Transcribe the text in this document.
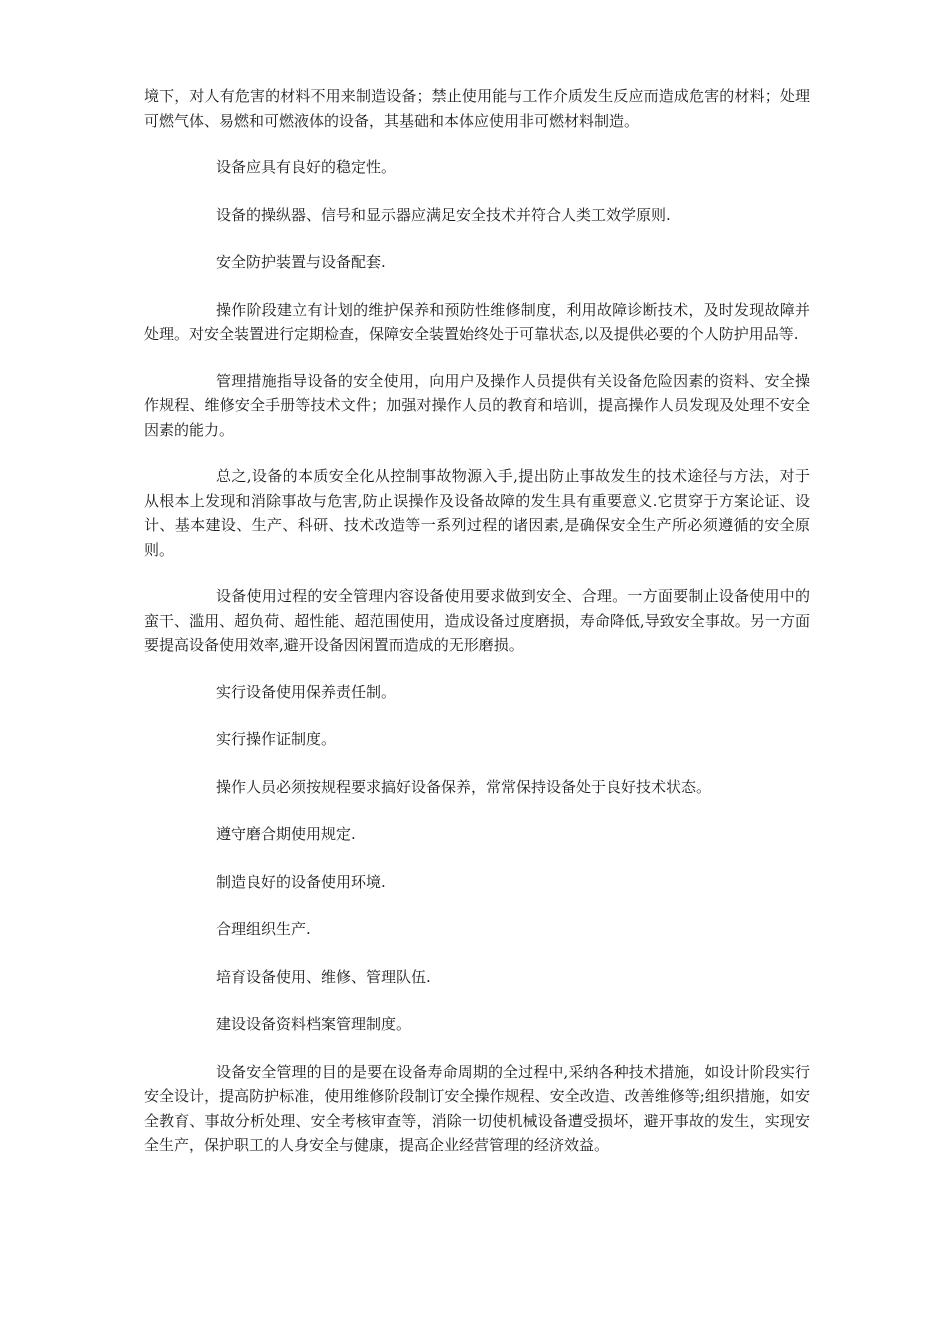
境下，对人有危害的材料不用来制造设备；禁止使用能与工作介质发生反应而造成危害的材料；处理可燃气体、易燃和可燃液体的设备，其基础和本体应使用非可燃材料制造。

设备应具有良好的稳定性。

设备的操纵器、信号和显示器应满足安全技术并符合人类工效学原则.

安全防护装置与设备配套.

操作阶段建立有计划的维护保养和预防性维修制度，利用故障诊断技术，及时发现故障并处理。对安全装置进行定期检查，保障安全装置始终处于可靠状态,以及提供必要的个人防护用品等.

管理措施指导设备的安全使用，向用户及操作人员提供有关设备危险因素的资料、安全操作规程、维修安全手册等技术文件；加强对操作人员的教育和培训，提高操作人员发现及处理不安全因素的能力。

总之,设备的本质安全化从控制事故物源入手,提出防止事故发生的技术途径与方法，对于从根本上发现和消除事故与危害,防止误操作及设备故障的发生具有重要意义.它贯穿于方案论证、设计、基本建设、生产、科研、技术改造等一系列过程的诸因素,是确保安全生产所必须遵循的安全原则。

设备使用过程的安全管理内容设备使用要求做到安全、合理。一方面要制止设备使用中的蛮干、滥用、超负荷、超性能、超范围使用，造成设备过度磨损，寿命降低,导致安全事故。另一方面要提高设备使用效率,避开设备因闲置而造成的无形磨损。

实行设备使用保养责任制。

实行操作证制度。

操作人员必须按规程要求搞好设备保养，常常保持设备处于良好技术状态。

遵守磨合期使用规定.

制造良好的设备使用环境.

合理组织生产.

培育设备使用、维修、管理队伍.

建设设备资料档案管理制度。

设备安全管理的目的是要在设备寿命周期的全过程中,采纳各种技术措施，如设计阶段实行安全设计，提高防护标准，使用维修阶段制订安全操作规程、安全改造、改善维修等;组织措施，如安全教育、事故分析处理、安全考核审查等，消除一切使机械设备遭受损坏，避开事故的发生，实现安全生产，保护职工的人身安全与健康，提高企业经营管理的经济效益。
